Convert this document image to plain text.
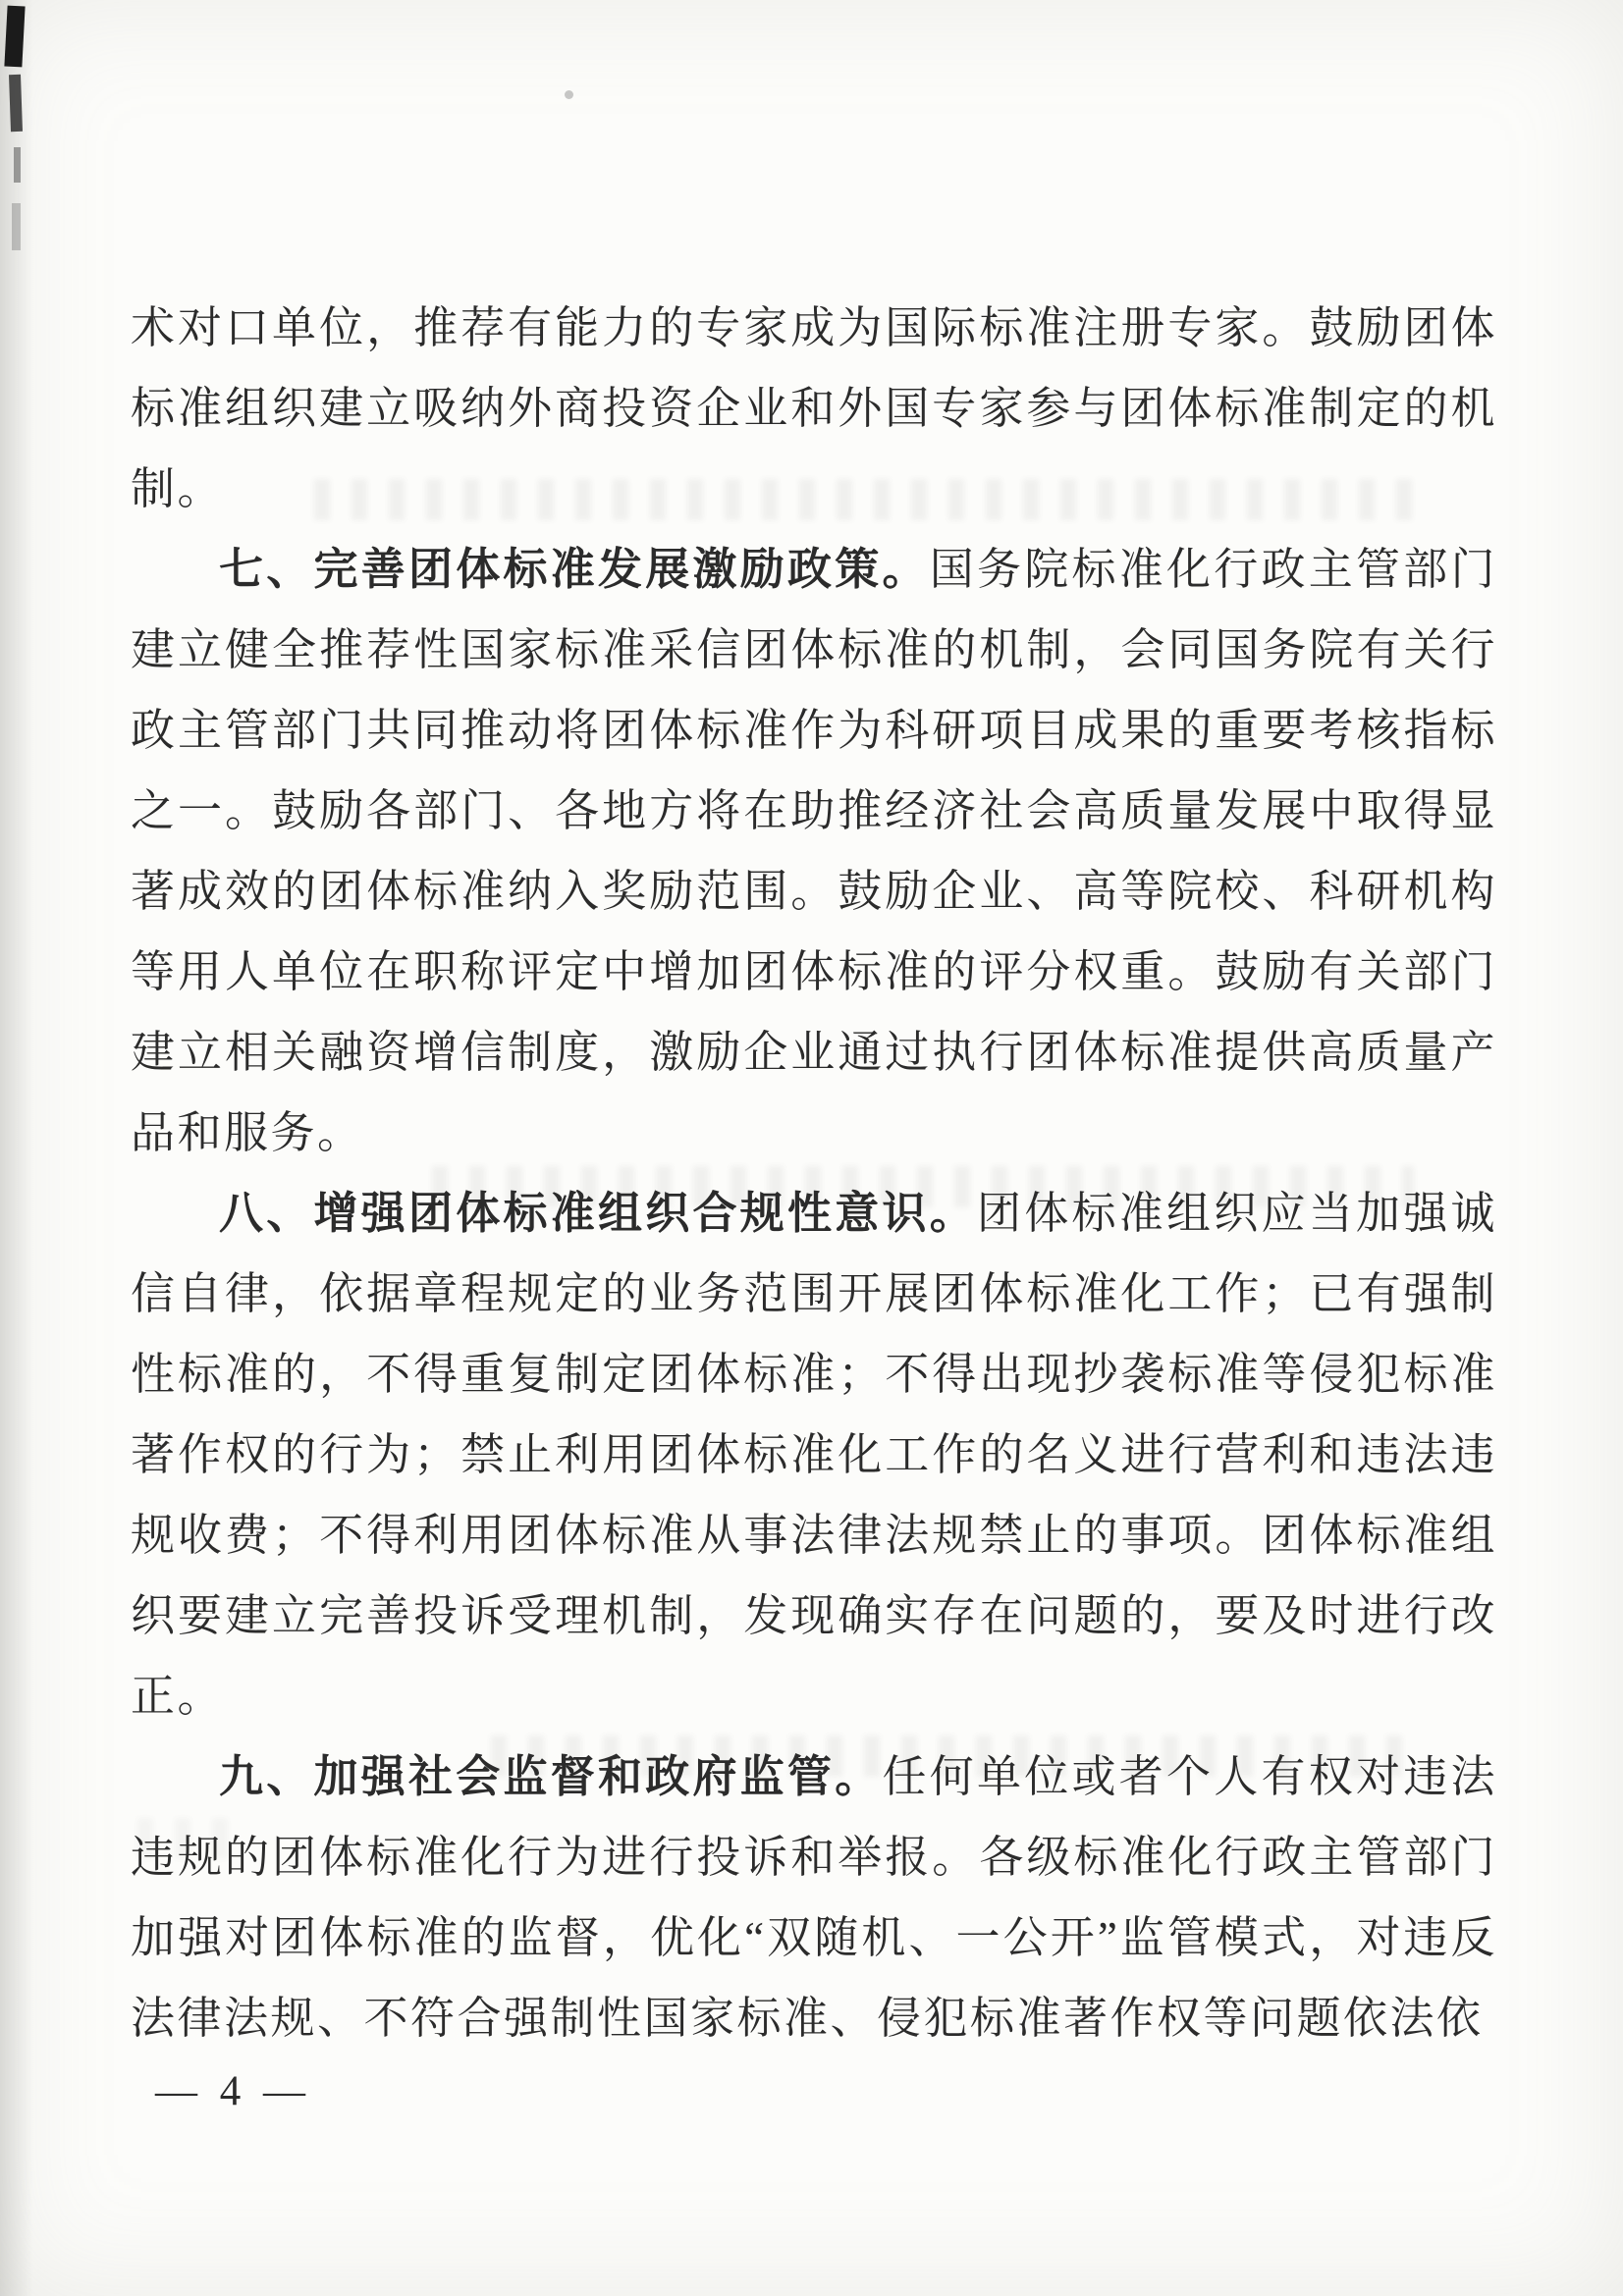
术对口单位，推荐有能力的专家成为国际标准注册专家。鼓励团体标准组织建立吸纳外商投资企业和外国专家参与团体标准制定的机制。

七、完善团体标准发展激励政策。国务院标准化行政主管部门建立健全推荐性国家标准采信团体标准的机制，会同国务院有关行政主管部门共同推动将团体标准作为科研项目成果的重要考核指标之一。鼓励各部门、各地方将在助推经济社会高质量发展中取得显著成效的团体标准纳入奖励范围。鼓励企业、高等院校、科研机构等用人单位在职称评定中增加团体标准的评分权重。鼓励有关部门建立相关融资增信制度，激励企业通过执行团体标准提供高质量产品和服务。

八、增强团体标准组织合规性意识。团体标准组织应当加强诚信自律，依据章程规定的业务范围开展团体标准化工作；已有强制性标准的，不得重复制定团体标准；不得出现抄袭标准等侵犯标准著作权的行为；禁止利用团体标准化工作的名义进行营利和违法违规收费；不得利用团体标准从事法律法规禁止的事项。团体标准组织要建立完善投诉受理机制，发现确实存在问题的，要及时进行改正。

九、加强社会监督和政府监管。任何单位或者个人有权对违法违规的团体标准化行为进行投诉和举报。各级标准化行政主管部门加强对团体标准的监督，优化“双随机、一公开”监管模式，对违反法律法规、不符合强制性国家标准、侵犯标准著作权等问题依法依

— 4 —
